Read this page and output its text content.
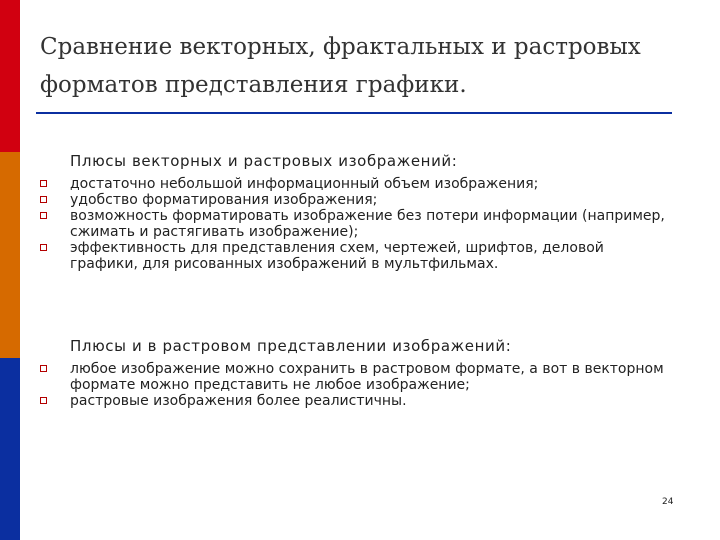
Сравнение векторных, фрактальных и растровых форматов представления графики.
Плюсы векторных и растровых изображений:
достаточно небольшой информационный объем изображения;
удобство форматирования изображения;
возможность форматировать изображение без потери информации (например, сжимать и растягивать изображение);
эффективность для представления схем, чертежей, шрифтов, деловой графики, для рисованных изображений в мультфильмах.
Плюсы и в растровом представлении изображений:
любое изображение можно сохранить в растровом формате, а вот в векторном формате можно представить не любое изображение;
растровые изображения более реалистичны.
24
